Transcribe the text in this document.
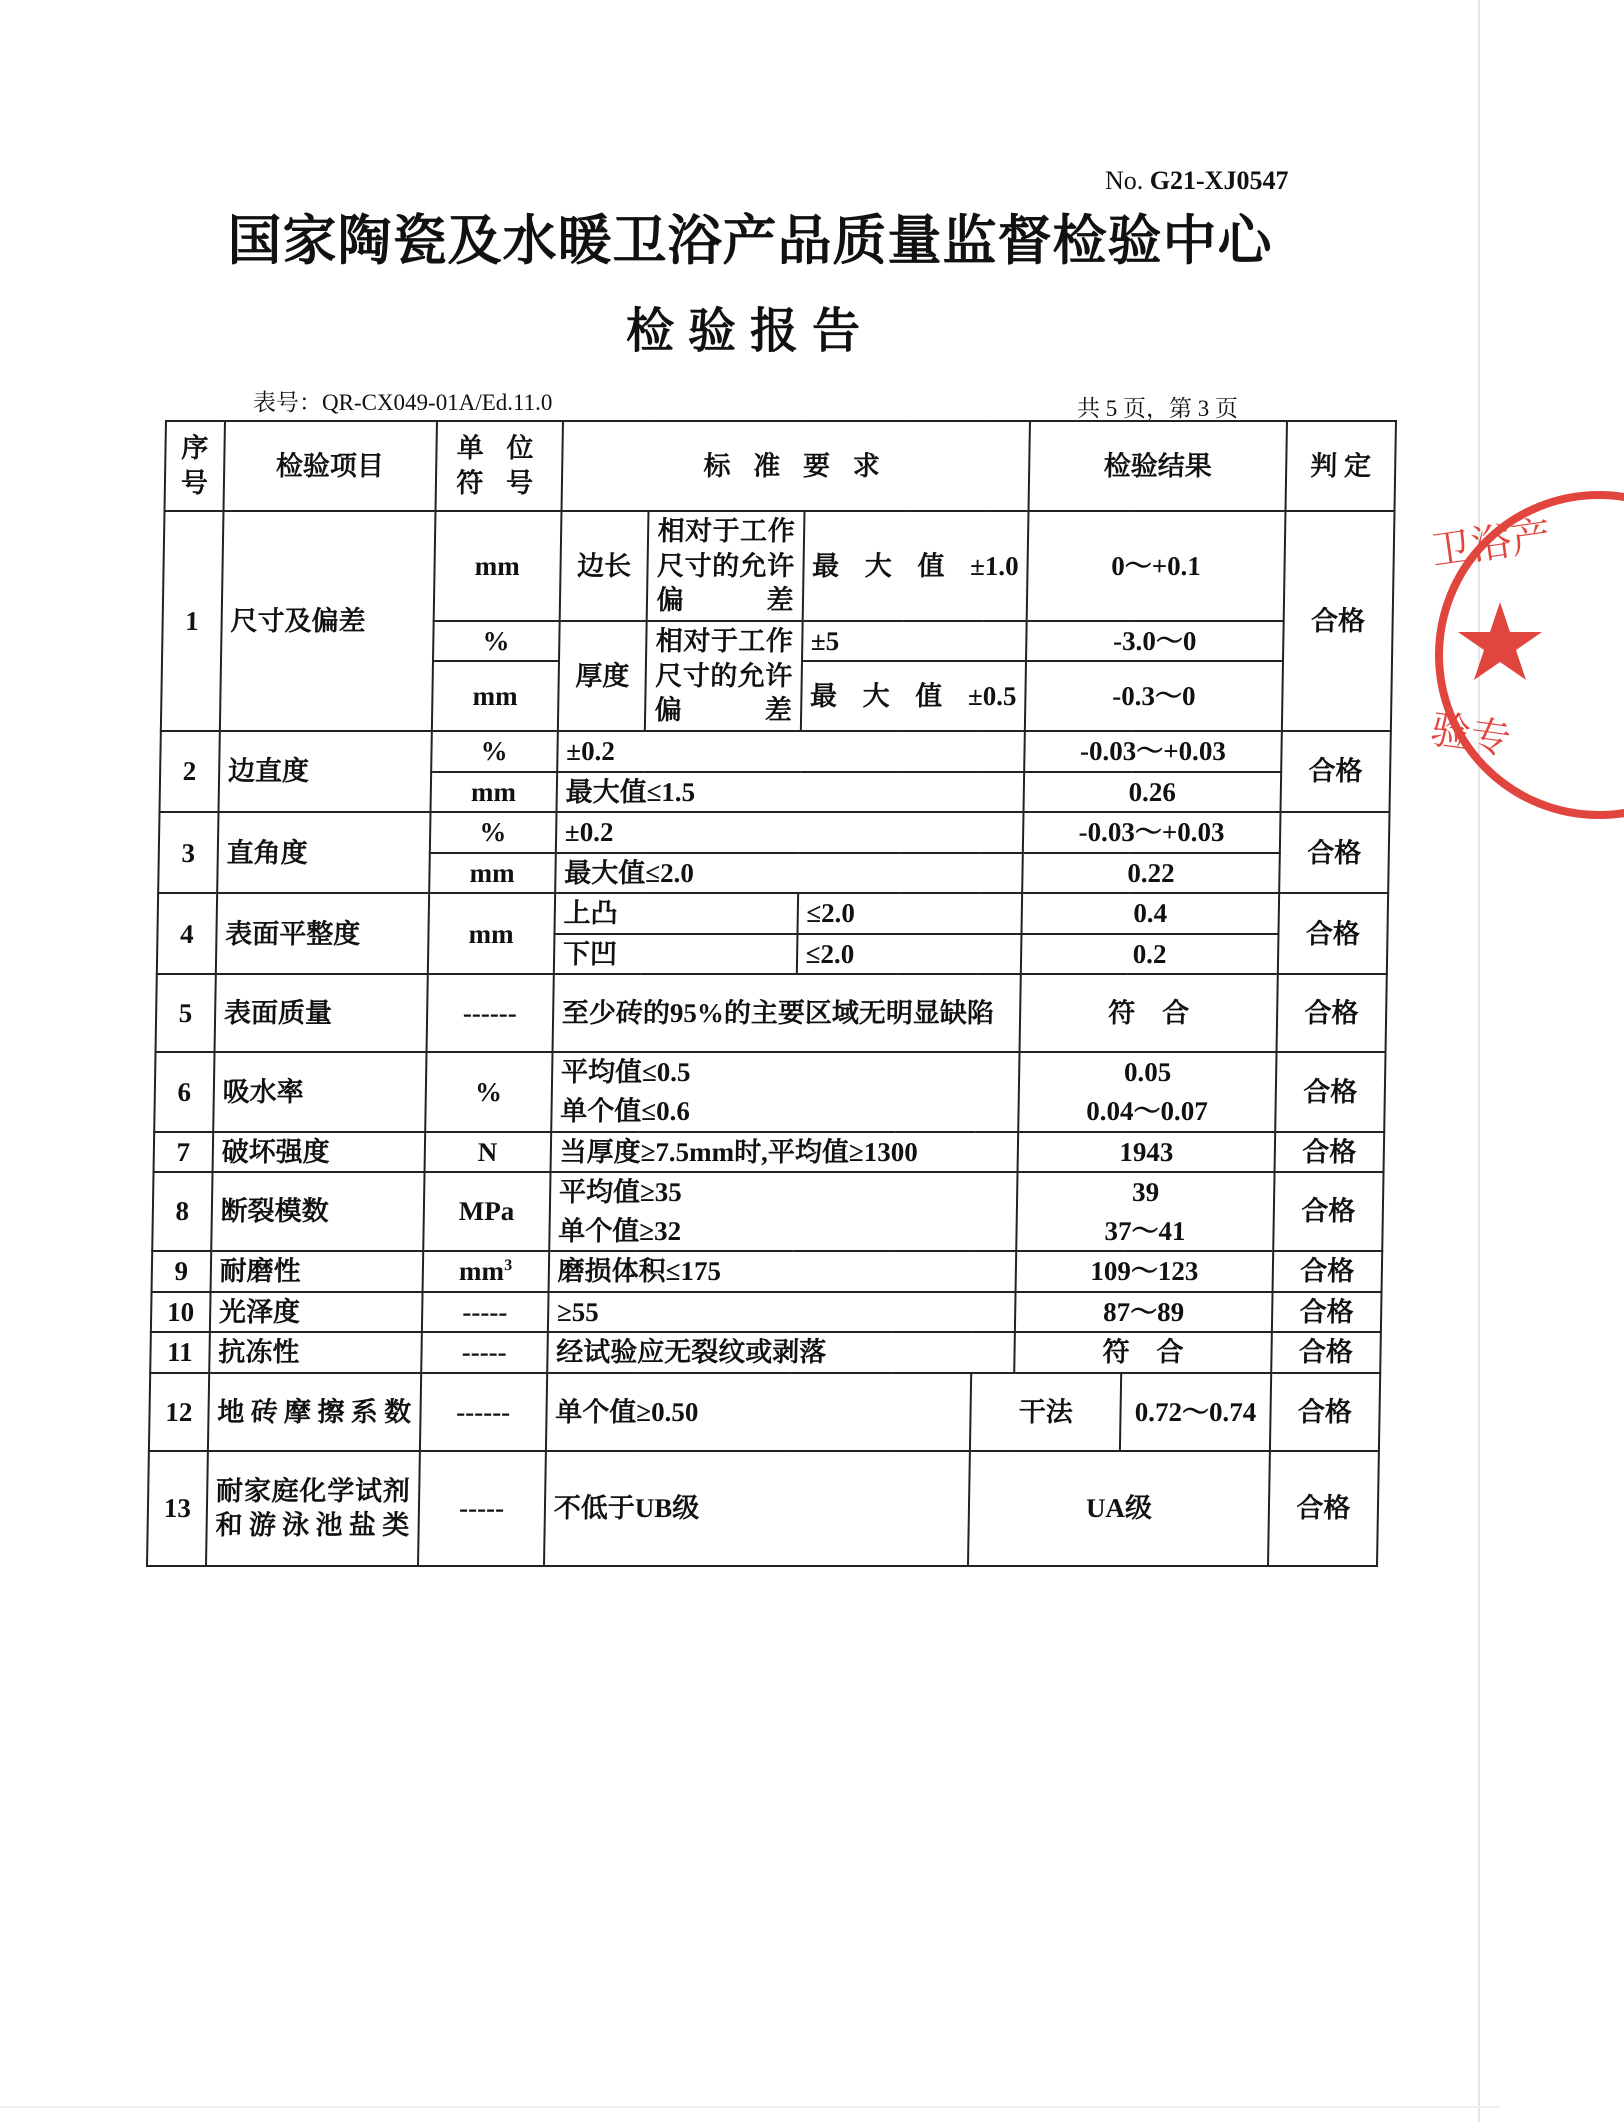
No. G21-XJ0547
国家陶瓷及水暖卫浴产品质量监督检验中心
检验报告
表号：QR-CX049-01A/Ed.11.0	共 5 页，第 3 页
序号	检验项目	单 位 符 号	标 准 要 求				检验结果		判 定
1	尺寸及偏差	mm	边长	相对于工作尺寸的允许偏差	最 大 值 ±1.0		0～+0.1		合格
		%	厚度	相对于工作尺寸的允许偏差	±5		-3.0～0		
		mm			最 大 值 ±0.5		-0.3～0		
2	边直度	%	±0.2				-0.03～+0.03		合格
		mm	最大值≤1.5				0.26		
3	直角度	%	±0.2				-0.03～+0.03		合格
		mm	最大值≤2.0				0.22		
4	表面平整度	mm	上凸		≤2.0		0.4		合格
			下凹		≤2.0		0.2		
5	表面质量	------	至少砖的95%的主要区域无明显缺陷				符　合		合格
6	吸水率	%	平均值≤0.5				0.05		合格
			单个值≤0.6				0.04～0.07		
7	破坏强度	N	当厚度≥7.5mm时,平均值≥1300				1943		合格
8	断裂模数	MPa	平均值≥35				39		合格
			单个值≥32				37～41		
9	耐磨性	$mm^3$	磨损体积≤175				109～123		合格
10	光泽度	-----	≥55				87～89		合格
11	抗冻性	-----	经试验应无裂纹或剥落				符　合		合格
12	地砖摩擦系数	------	单个值≥0.50			干法		0.72～0.74	合格
13	耐家庭化学试剂和游泳池盐类	-----	不低于UB级			UA级			合格
卫浴产
验专
